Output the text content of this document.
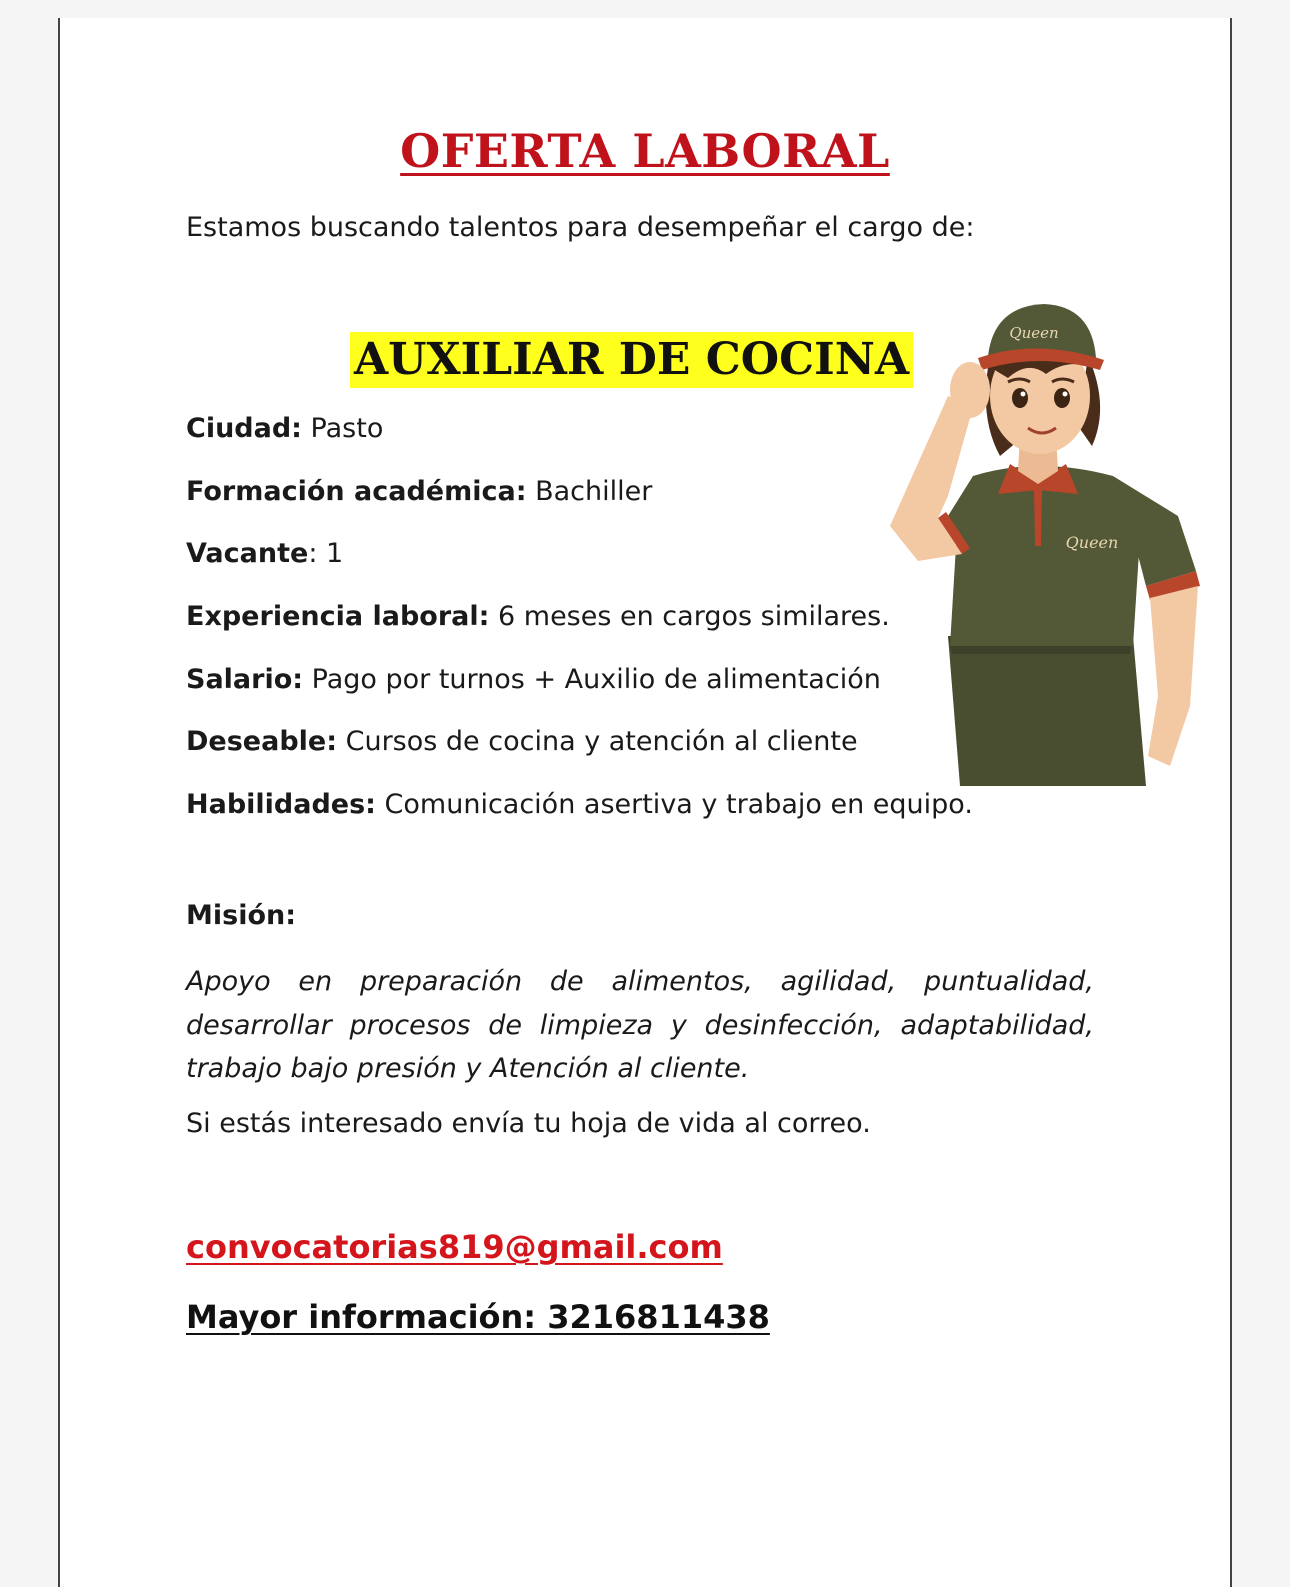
OFERTA LABORAL
Estamos buscando talentos para desempeñar el cargo de:
AUXILIAR DE COCINA
Ciudad: Pasto
Formación académica: Bachiller
Vacante: 1
Experiencia laboral: 6 meses en cargos similares.
Salario: Pago por turnos + Auxilio de alimentación
Deseable: Cursos de cocina y atención al cliente
Habilidades: Comunicación asertiva y trabajo en equipo.
Misión:
Apoyo en preparación de alimentos, agilidad, puntualidad, desarrollar procesos de limpieza y desinfección, adaptabilidad, trabajo bajo presión y Atención al cliente.
Si estás interesado envía tu hoja de vida al correo.
convocatorias819@gmail.com
Mayor información: 3216811438
Queen
Queen
